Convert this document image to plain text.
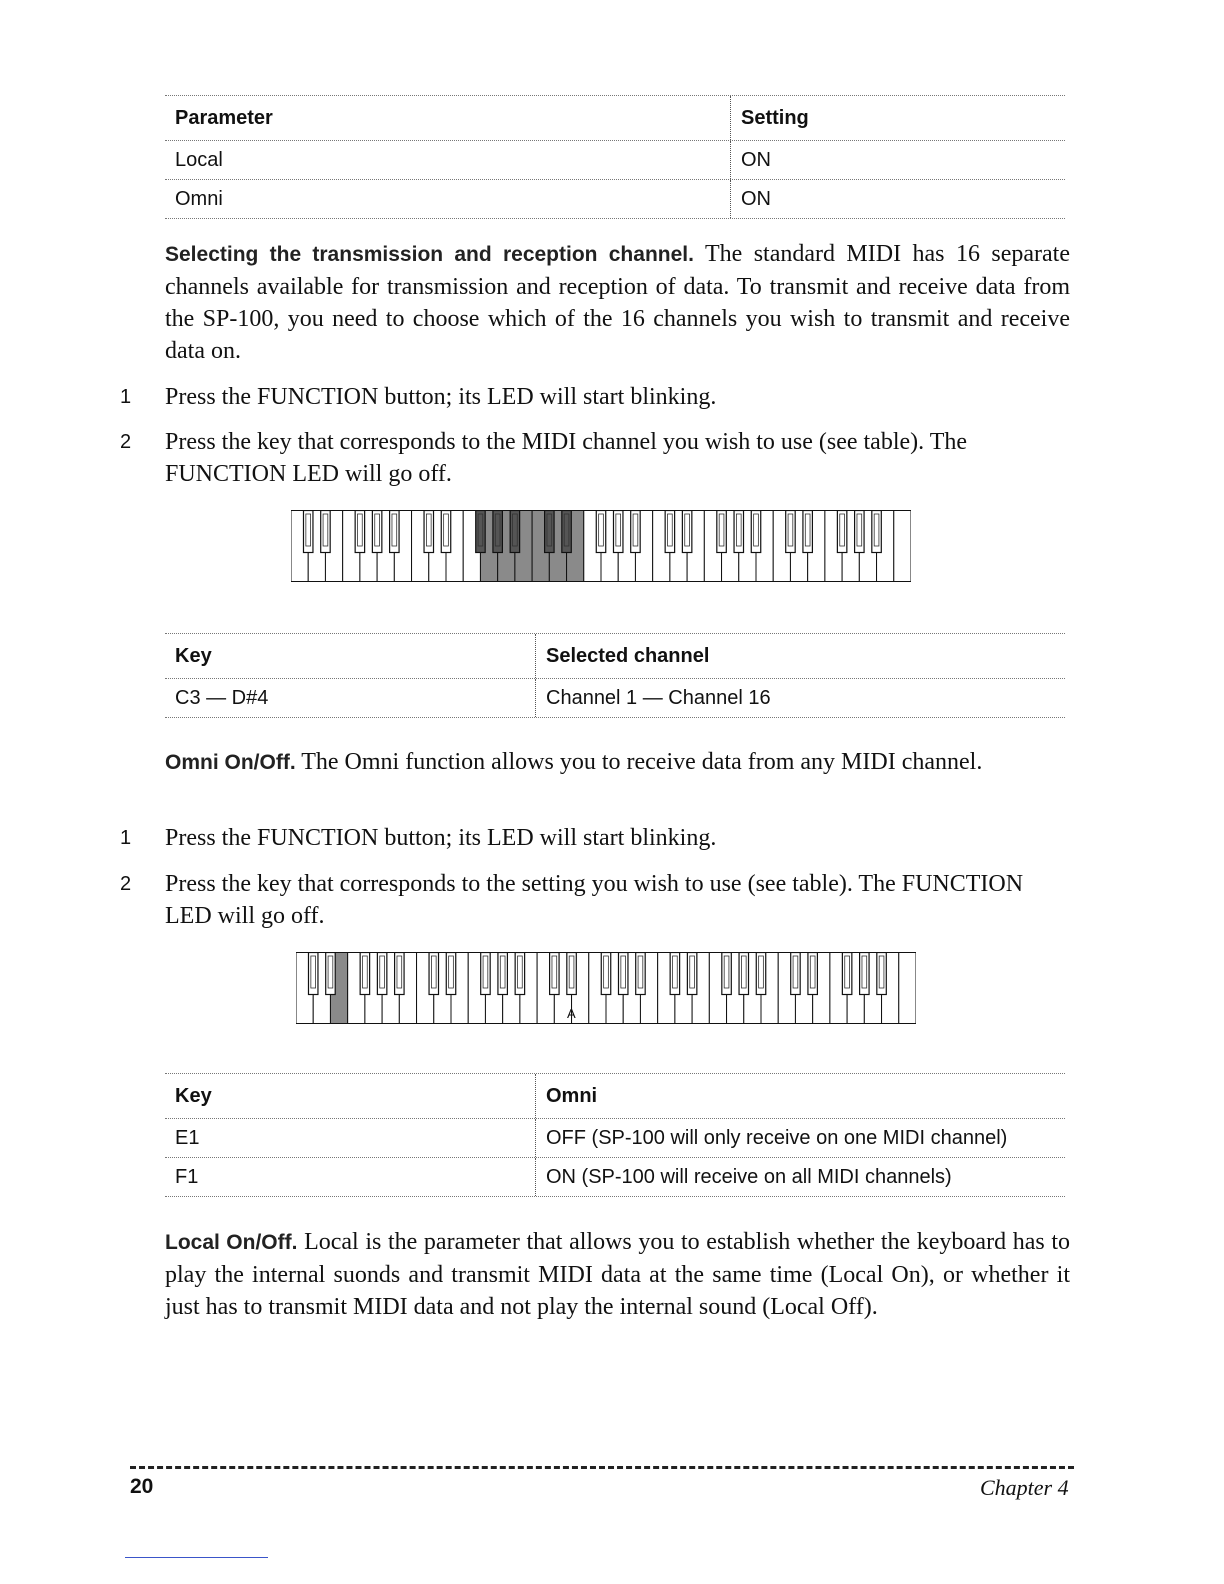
Parameter	Setting
Local	ON
Omni	ON
Selecting the transmission and reception channel. The standard MIDI has 16 separate channels available for transmission and reception of data. To transmit and receive data from the SP-100, you need to choose which of the 16 channels you wish to transmit and receive data on.
1 Press the FUNCTION button; its LED will start blinking.
2 Press the key that corresponds to the MIDI channel you wish to use (see table). The FUNCTION LED will go off.
Key	Selected channel
C3 — D#4	Channel 1 — Channel 16
Omni On/Off. The Omni function allows you to receive data from any MIDI channel.
1 Press the FUNCTION button; its LED will start blinking.
2 Press the key that corresponds to the setting you wish to use (see table). The FUNCTION LED will go off.
A
Key	Omni
E1	OFF (SP-100 will only receive on one MIDI channel)
F1	ON (SP-100 will receive on all MIDI channels)
Local On/Off. Local is the parameter that allows you to establish whether the keyboard has to play the internal suonds and transmit MIDI data at the same time (Local On), or whether it just has to transmit MIDI data and not play the internal sound (Local Off).
20	Chapter 4
